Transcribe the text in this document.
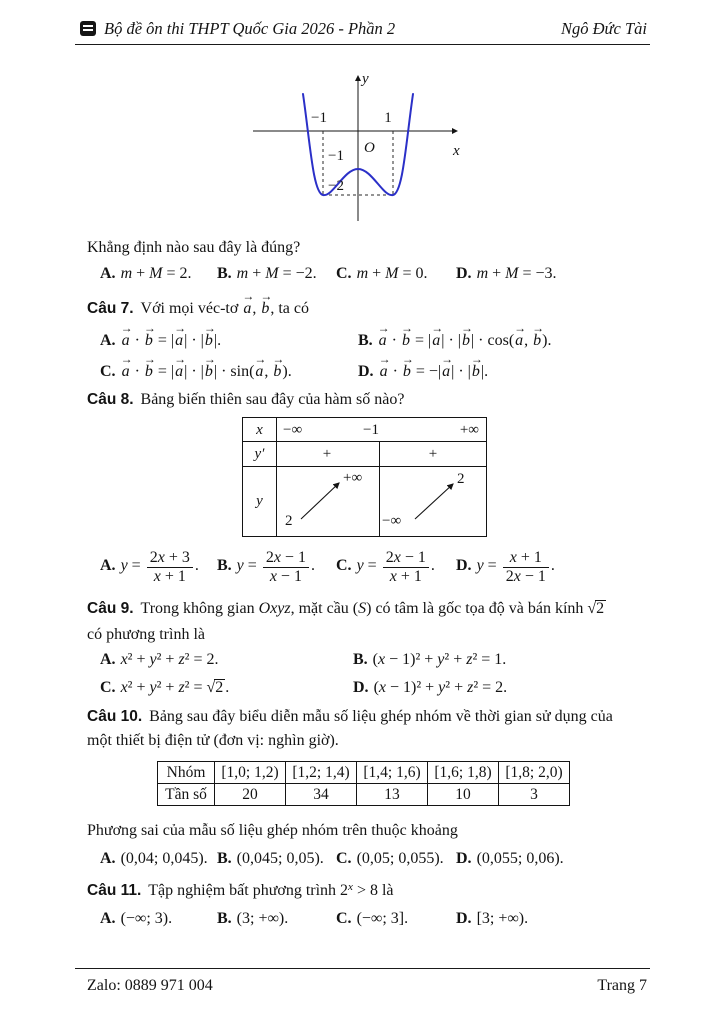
Bộ đề ôn thi THPT Quốc Gia 2026 - Phần 2	Ngô Đức Tài
y
x
O
−1	1
−1
−2
Khẳng định nào sau đây là đúng?
A. m + M = 2.	B. m + M = −2.	C. m + M = 0.	D. m + M = −3.
Câu 7. Với mọi véc-tơ
→
a,
→
b, ta có
A.
→
a ·
→
b = |
→
a| · |
→
b|.	B.
→
a ·
→
b = |
→
a| · |
→
b| · cos(
→
a,
→
b).
C.
→
a ·
→
b = |
→
a| · |
→
b| · sin(
→
a,
→
b).	D.
→
a ·
→
b = −|
→
a| · |
→
b|.
Câu 8. Bảng biến thiên sau đây của hàm số nào?
x	−∞	−1	+∞
y′	+	+
y
2
+∞
−∞
2
A. $y = \frac{2x + 3}{x + 1}$ .	B. $y = \frac{2x - 1}{x - 1}$ .	C. $y = \frac{2x - 1}{x + 1}$ .	D. $y = \frac{x + 1}{2x - 1}$ .
Câu 9. Trong không gian Oxyz, mặt cầu (S) có tâm là gốc tọa độ và bán kính √2
có phương trình là
A. x² + y² + z² = 2.	B. (x − 1)² + y² + z² = 1.
C. x² + y² + z² = √2 .	D. (x − 1)² + y² + z² = 2.
Câu 10. Bảng sau đây biểu diễn mẫu số liệu ghép nhóm về thời gian sử dụng của
một thiết bị điện tử (đơn vị: nghìn giờ).
Nhóm	[1,0; 1,2)	[1,2; 1,4)	[1,4; 1,6)	[1,6; 1,8)	[1,8; 2,0)
Tần số	20	34	13	10	3
Phương sai của mẫu số liệu ghép nhóm trên thuộc khoảng
A. (0,04; 0,045). B. (0,045; 0,05). C. (0,05; 0,055). D. (0,055; 0,06).
Câu 11. Tập nghiệm bất phương trình $2^x > 8$ là
A. (−∞; 3).	B. (3; +∞).	C. (−∞; 3].	D. [3; +∞).
Zalo: 0889 971 004	Trang 7
